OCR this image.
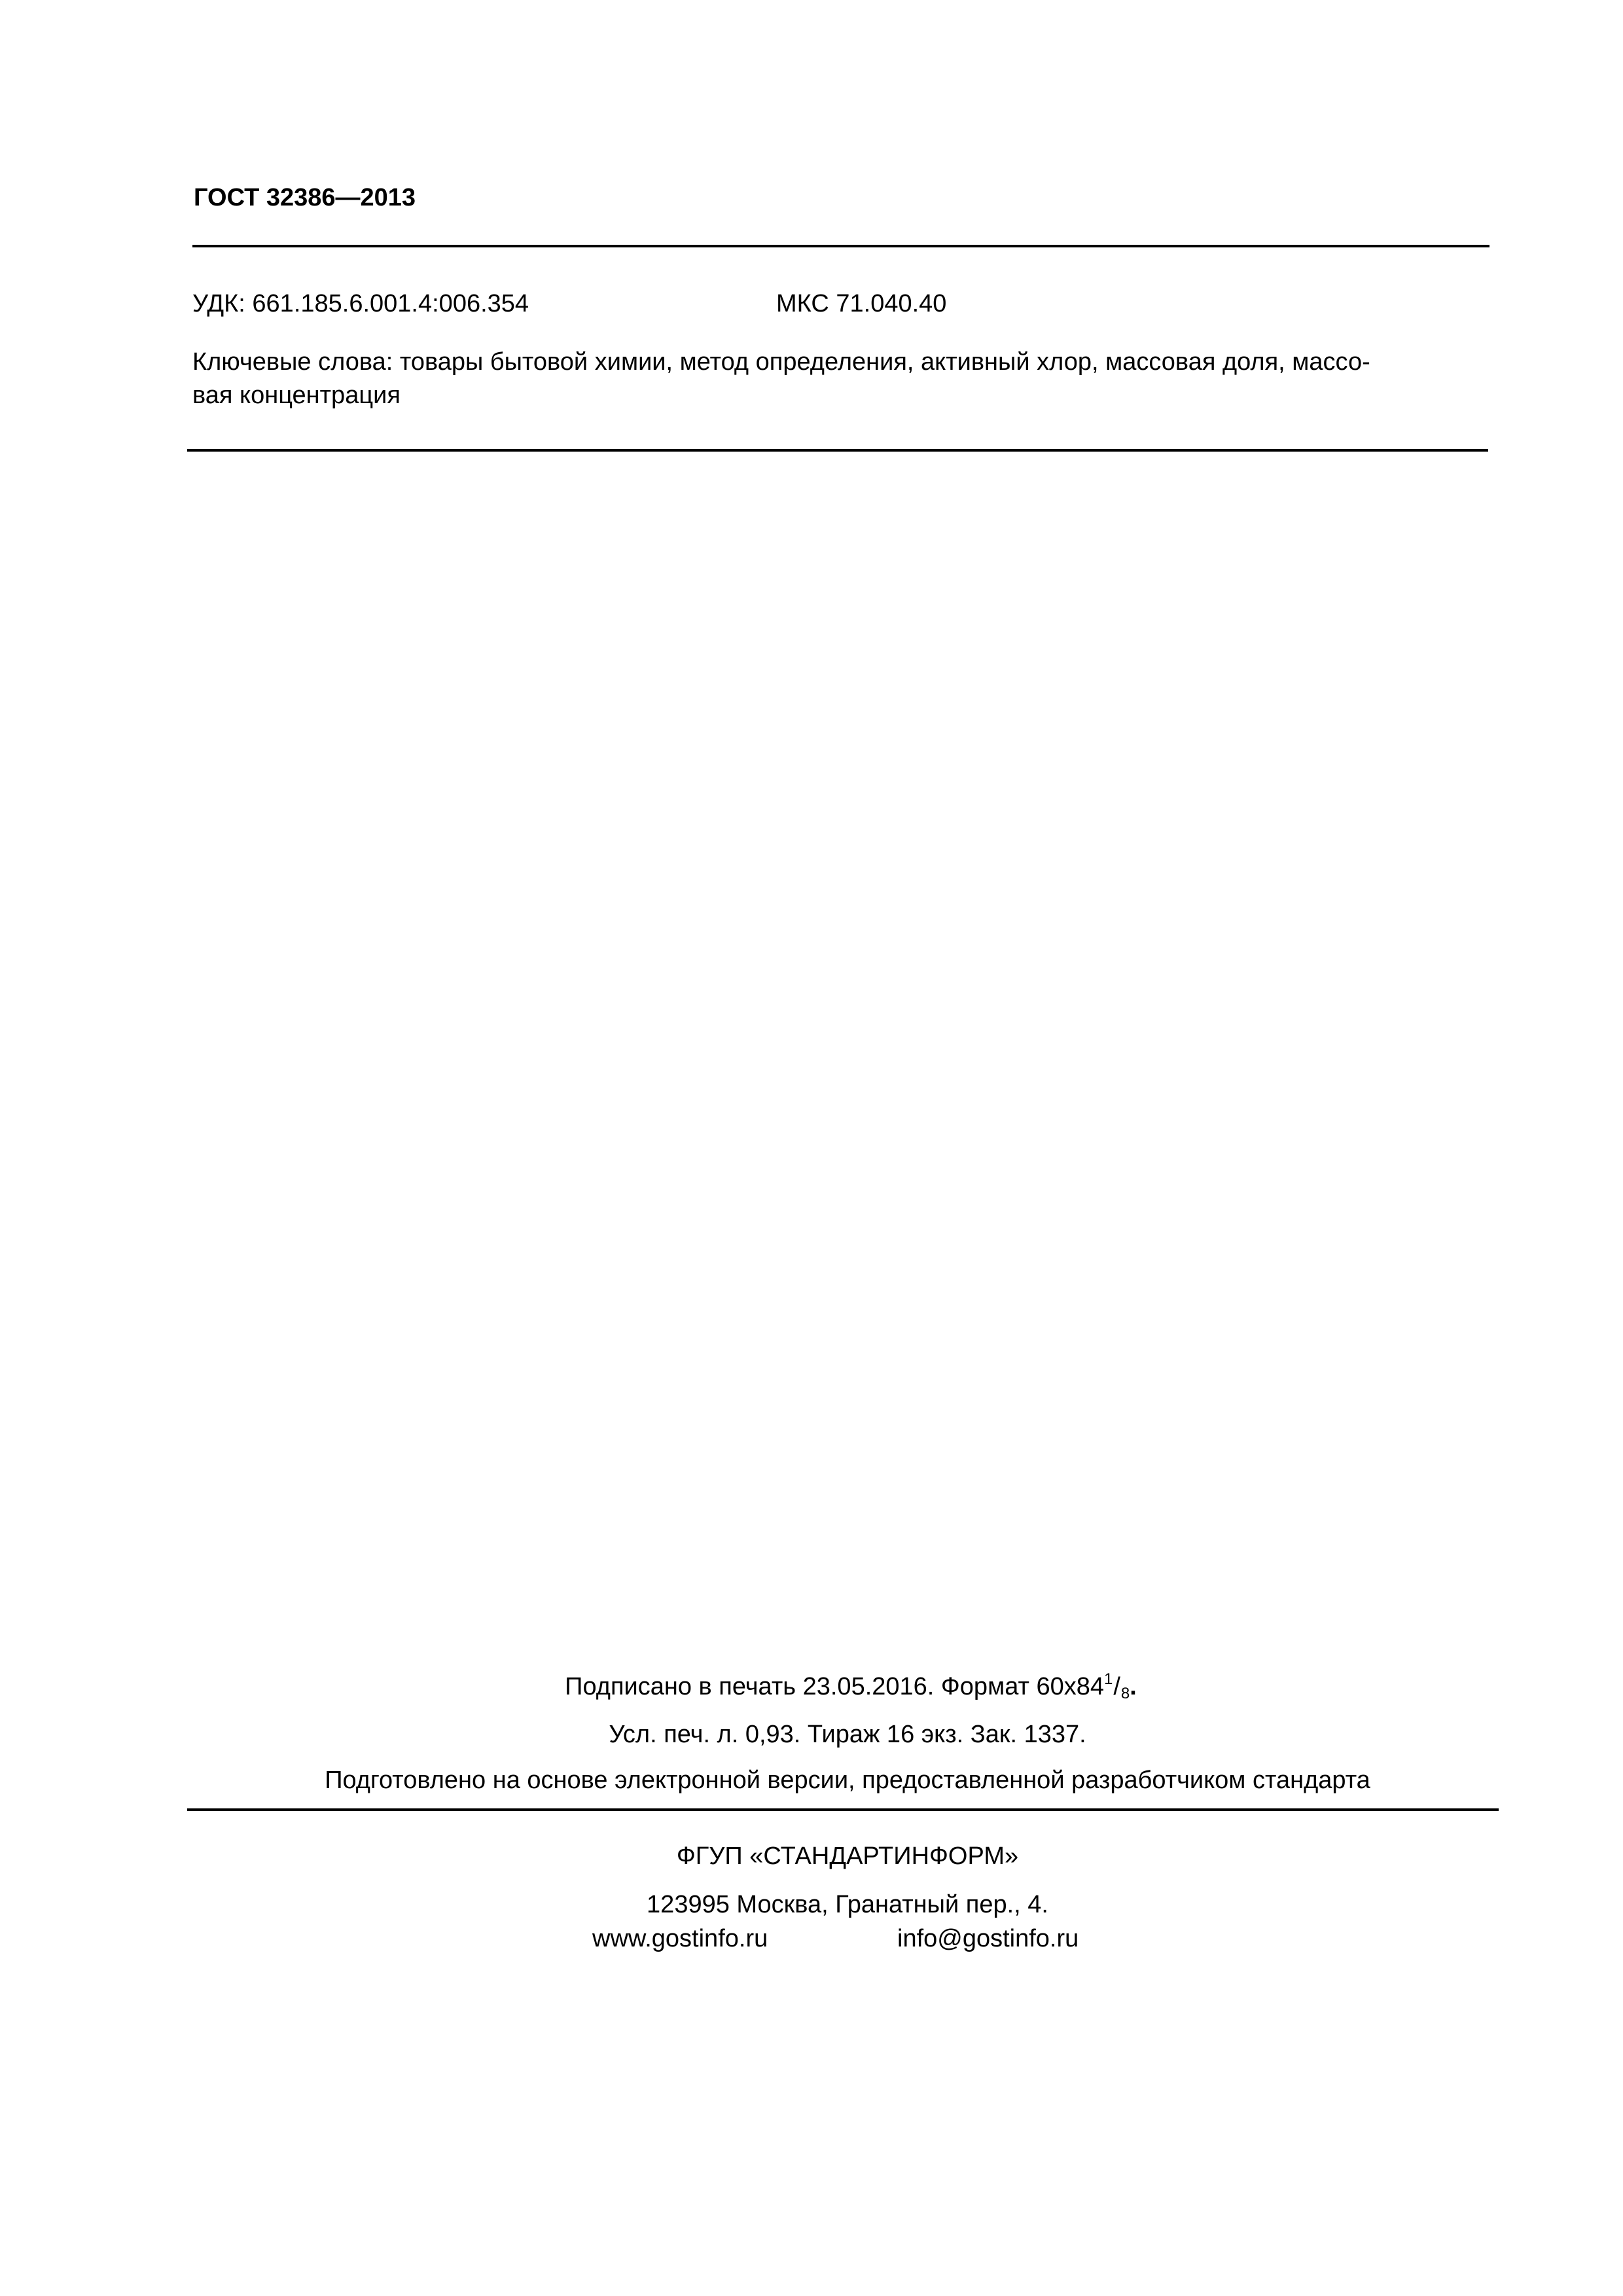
ГОСТ 32386—2013
УДК: 661.185.6.001.4:006.354	МКС 71.040.40
Ключевые слова: товары бытовой химии, метод определения, активный хлор, массовая доля, массо-
вая концентрация
Подписано в печать 23.05.2016. Формат $60x84^1/_8$.
Усл. печ. л. 0,93. Тираж 16 экз. Зак. 1337.
Подготовлено на основе электронной версии, предоставленной разработчиком стандарта
ФГУП «СТАНДАРТИНФОРМ»
123995 Москва, Гранатный пер., 4.
www.gostinfo.ru	info@gostinfo.ru
